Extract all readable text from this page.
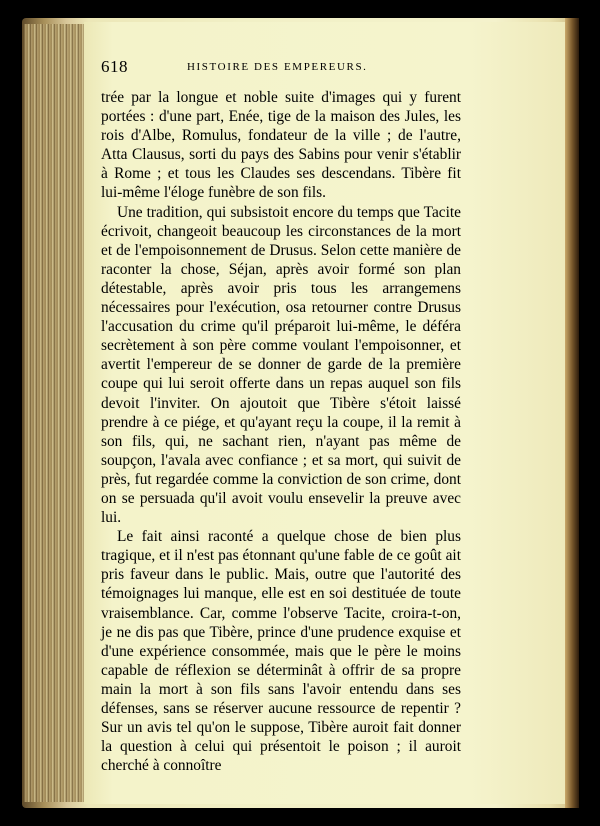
618	HISTOIRE DES EMPEREURS.

trée par la longue et noble suite d'images qui y furent portées : d'une part, Enée, tige de la maison des Jules, les rois d'Albe, Romulus, fondateur de la ville ; de l'autre, Atta Clausus, sorti du pays des Sabins pour venir s'établir à Rome ; et tous les Claudes ses descendans. Tibère fit lui-même l'éloge funèbre de son fils.

Une tradition, qui subsistoit encore du temps que Tacite écrivoit, changeoit beaucoup les circonstances de la mort et de l'empoisonnement de Drusus. Selon cette manière de raconter la chose, Séjan, après avoir formé son plan détestable, après avoir pris tous les arrangemens nécessaires pour l'exécution, osa retourner contre Drusus l'accusation du crime qu'il préparoit lui-même, le déféra secrètement à son père comme voulant l'empoisonner, et avertit l'empereur de se donner de garde de la première coupe qui lui seroit offerte dans un repas auquel son fils devoit l'inviter. On ajoutoit que Tibère s'étoit laissé prendre à ce piége, et qu'ayant reçu la coupe, il la remit à son fils, qui, ne sachant rien, n'ayant pas même de soupçon, l'avala avec confiance ; et sa mort, qui suivit de près, fut regardée comme la conviction de son crime, dont on se persuada qu'il avoit voulu ensevelir la preuve avec lui.

Le fait ainsi raconté a quelque chose de bien plus tragique, et il n'est pas étonnant qu'une fable de ce goût ait pris faveur dans le public. Mais, outre que l'autorité des témoignages lui manque, elle est en soi destituée de toute vraisemblance. Car, comme l'observe Tacite, croira-t-on, je ne dis pas que Tibère, prince d'une prudence exquise et d'une expérience consommée, mais que le père le moins capable de réflexion se déterminât à offrir de sa propre main la mort à son fils sans l'avoir entendu dans ses défenses, sans se réserver aucune ressource de repentir ? Sur un avis tel qu'on le suppose, Tibère auroit fait donner la question à celui qui présentoit le poison ; il auroit cherché à connoître
